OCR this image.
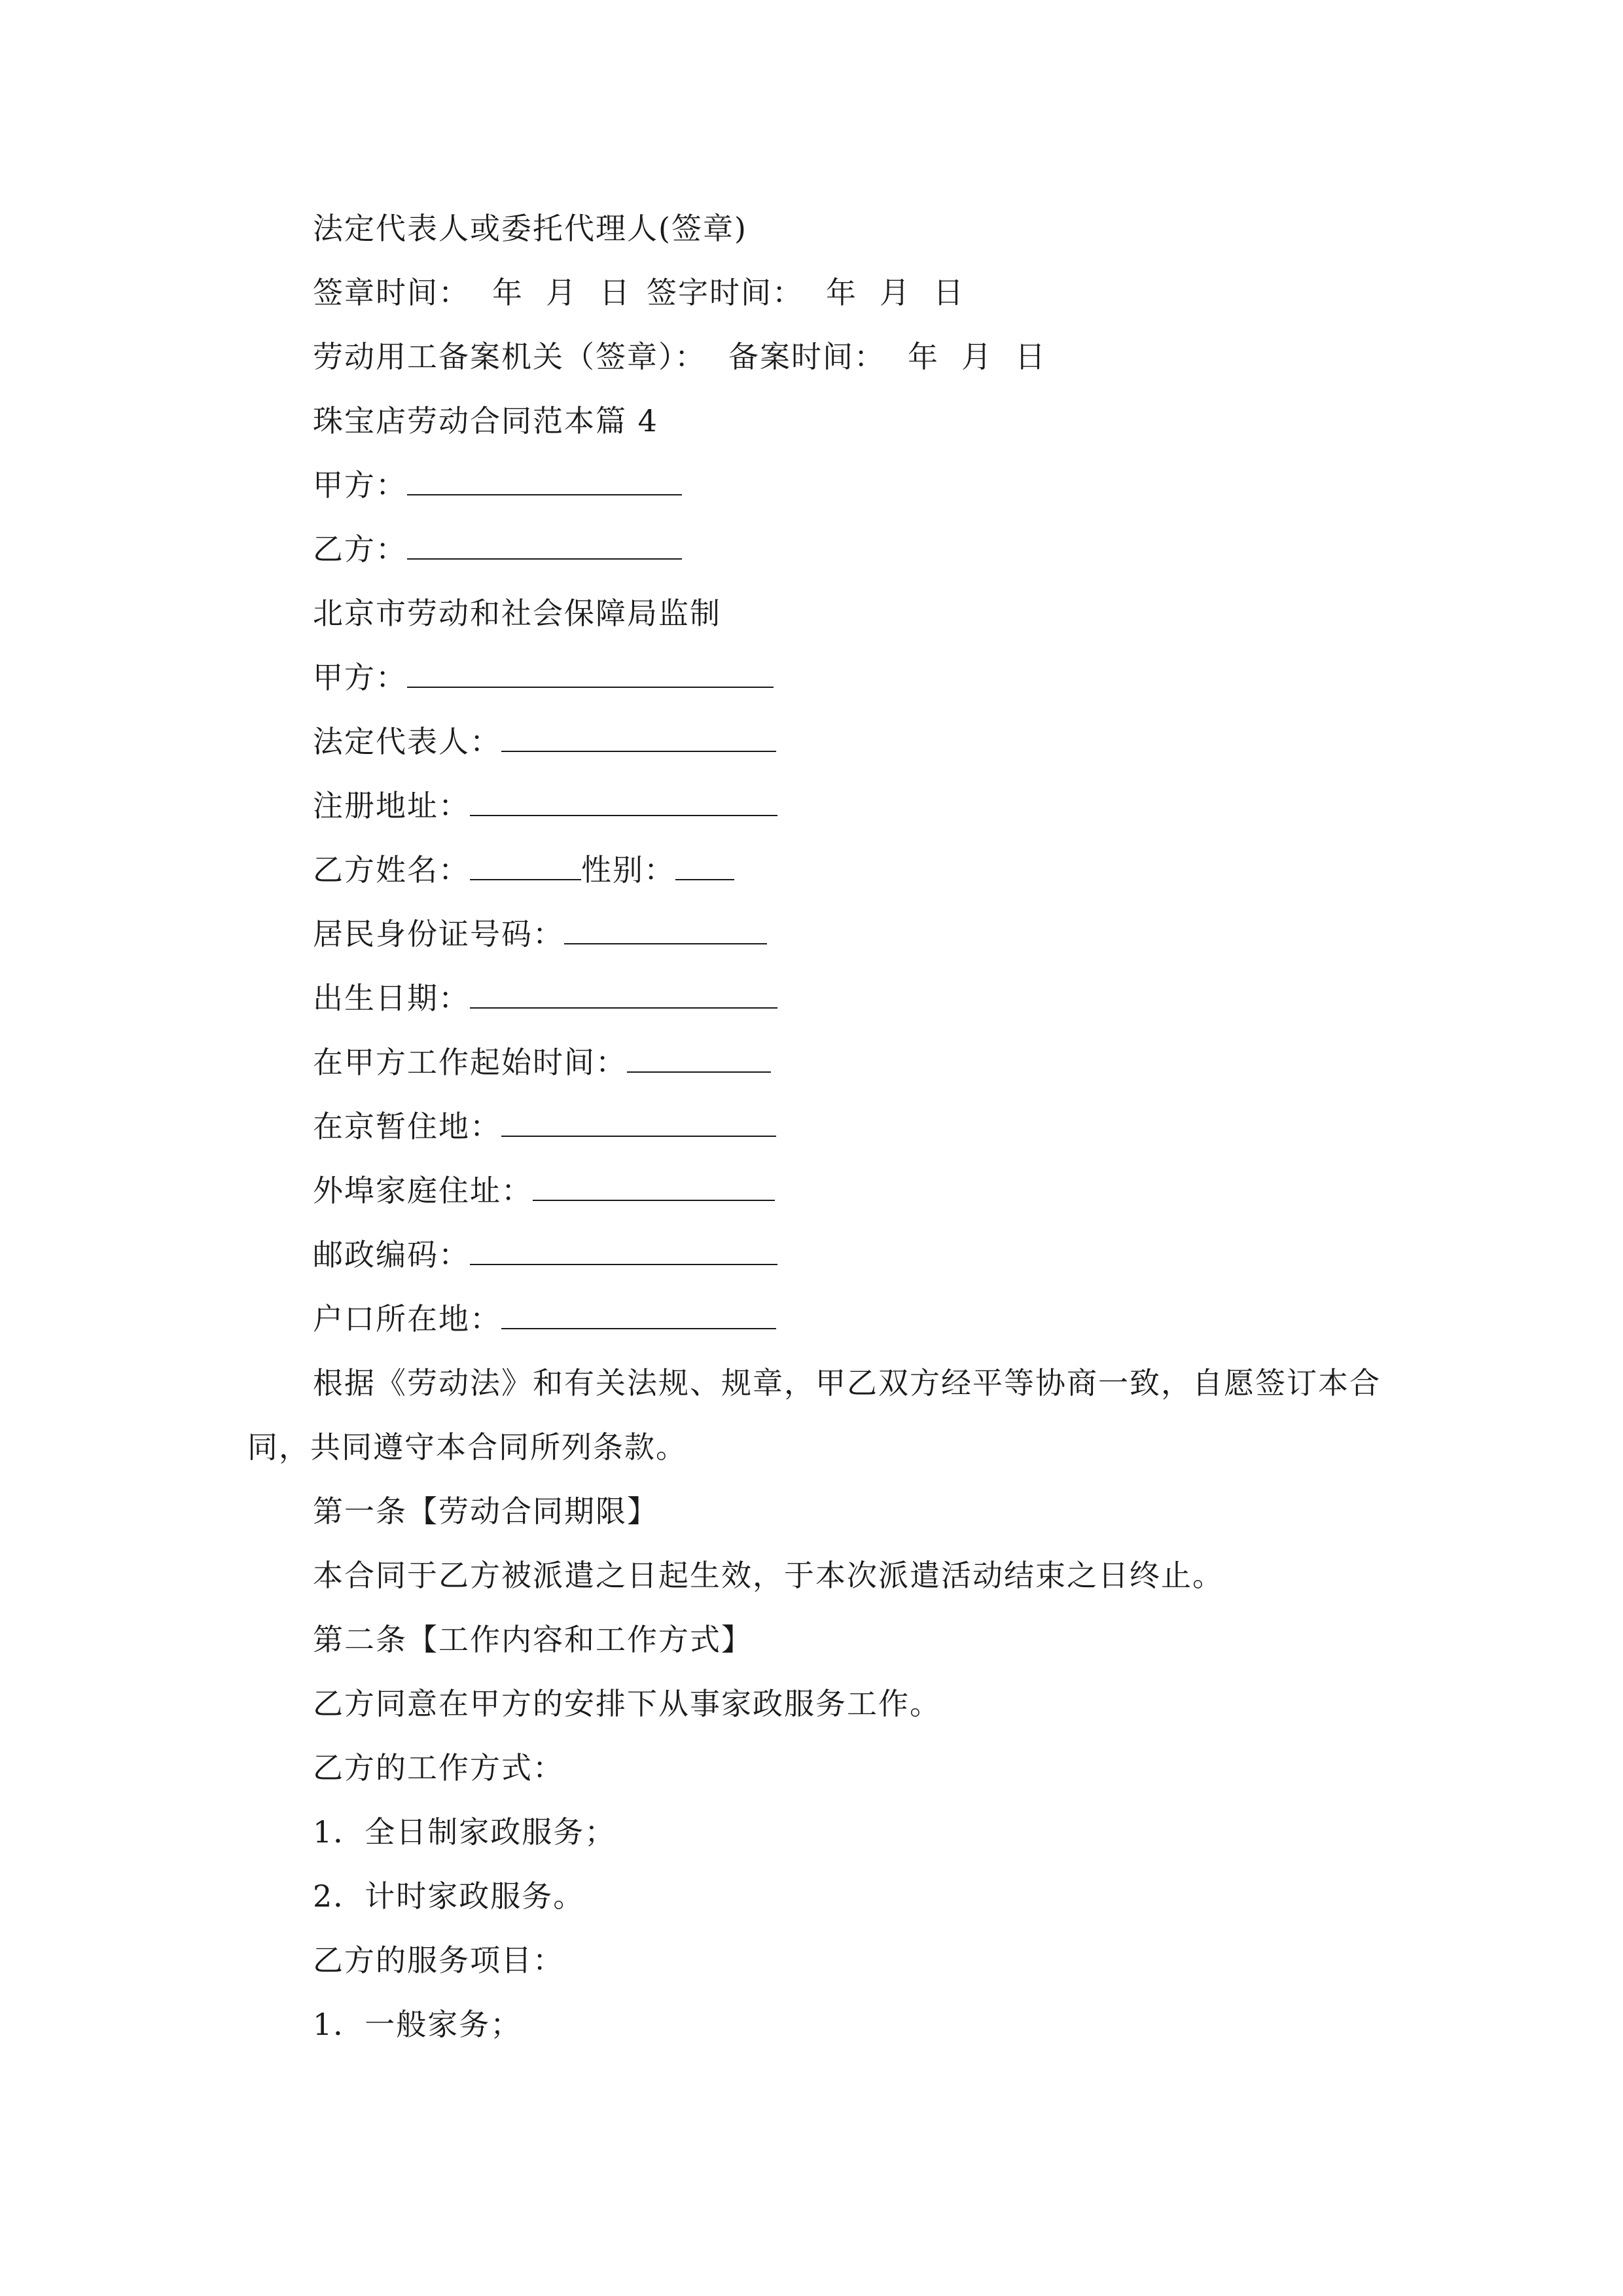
法定代表人或委托代理人(签章)
签章时间： 年 月 日 签字时间： 年 月 日
劳动用工备案机关（签章）： 备案时间： 年 月 日
珠宝店劳动合同范本篇 4
甲方：
乙方：
北京市劳动和社会保障局监制
甲方：
法定代表人：
注册地址：
乙方姓名：	性别：
居民身份证号码：
出生日期：
在甲方工作起始时间：
在京暂住地：
外埠家庭住址：
邮政编码：
户口所在地：
根据《劳动法》和有关法规、规章，甲乙双方经平等协商一致，自愿签订本合同，共同遵守本合同所列条款。
第一条【劳动合同期限】
本合同于乙方被派遣之日起生效，于本次派遣活动结束之日终止。
第二条【工作内容和工作方式】
乙方同意在甲方的安排下从事家政服务工作。
乙方的工作方式：
1．全日制家政服务；
2．计时家政服务。
乙方的服务项目：
1．一般家务；
